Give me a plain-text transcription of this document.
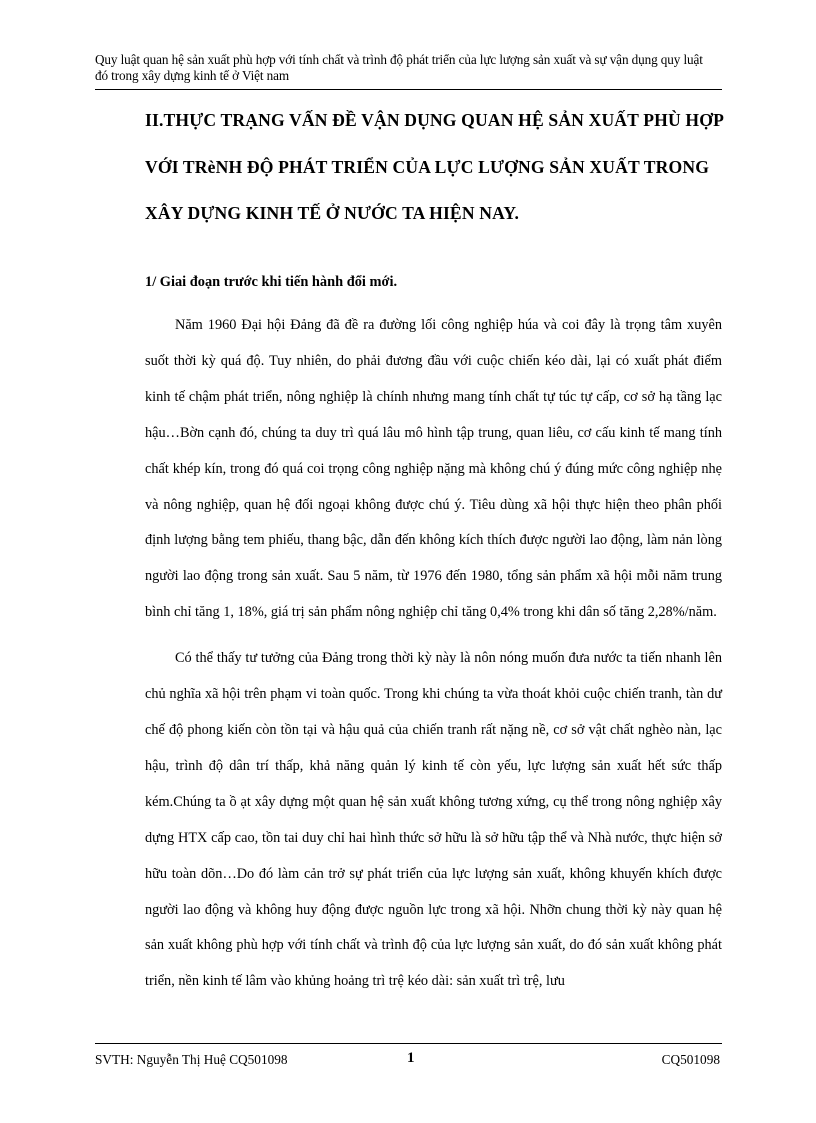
Quy luật quan hệ sản xuất phù hợp với tính chất và trình độ phát triển của lực lượng sản xuất và sự vận dụng quy luật đó trong xây dựng kinh tế ở Việt nam
II.THỰC TRẠNG VẤN ĐỀ VẬN DỤNG QUAN HỆ SẢN XUẤT PHÙ HỢP VỚI TRèNH ĐỘ PHÁT TRIỂN CỦA LỰC LƯỢNG SẢN XUẤT TRONG XÂY DỰNG KINH TẾ Ở NƯỚC TA HIỆN NAY.
1/ Giai đoạn trước khi tiến hành đổi mới.

Năm 1960 Đại hội Đảng đã đề ra đường lối công nghiệp húa và coi đây là trọng tâm xuyên suốt thời kỳ quá độ. Tuy nhiên, do phải đương đầu với cuộc chiến kéo dài, lại có xuất phát điểm kinh tế chậm phát triển, nông nghiệp là chính nhưng mang tính chất tự túc tự cấp, cơ sở hạ tầng lạc hậu…Bờn cạnh đó, chúng ta duy trì quá lâu mô hình tập trung, quan liêu, cơ cấu kinh tế mang tính chất khép kín, trong đó quá coi trọng công nghiệp nặng mà không chú ý đúng mức công nghiệp nhẹ và nông nghiệp, quan hệ đối ngoại không được chú ý. Tiêu dùng xã hội thực hiện theo phân phối định lượng bằng tem phiếu, thang bậc, dẫn đến không kích thích được người lao động, làm nản lòng người lao động trong sản xuất. Sau 5 năm, từ 1976 đến 1980, tổng sản phẩm xã hội mỗi năm trung bình chỉ tăng 1, 18%, giá trị sản phẩm nông nghiệp chỉ tăng 0,4% trong khi dân số tăng 2,28%/năm.

Có thể thấy tư tưởng của Đảng trong thời kỳ này là nôn nóng muốn đưa nước ta tiến nhanh lên chủ nghĩa xã hội trên phạm vi toàn quốc. Trong khi chúng ta vừa thoát khỏi cuộc chiến tranh, tàn dư chế độ phong kiến còn tồn tại và hậu quả của chiến tranh rất nặng nề, cơ sở vật chất nghèo nàn, lạc hậu, trình độ dân trí thấp, khả năng quản lý kinh tế còn yếu, lực lượng sản xuất hết sức thấp kém.Chúng ta ồ ạt xây dựng một quan hệ sản xuất không tương xứng, cụ thể trong nông nghiệp xây dựng HTX cấp cao, tồn tai duy chỉ hai hình thức sở hữu là sở hữu tập thể và Nhà nước, thực hiện sở hữu toàn dõn…Do đó làm cản trở sự phát triển của lực lượng sản xuất, không khuyến khích được người lao động và không huy động được nguồn lực trong xã hội. Nhỡn chung thời kỳ này quan hệ sản xuất không phù hợp với tính chất và trình độ của lực lượng sản xuất, do đó sản xuất không phát triển, nền kinh tế lâm vào khủng hoảng trì trệ kéo dài: sản xuất trì trệ, lưu

SVTH: Nguyễn Thị Huệ CQ501098	1	CQ501098
